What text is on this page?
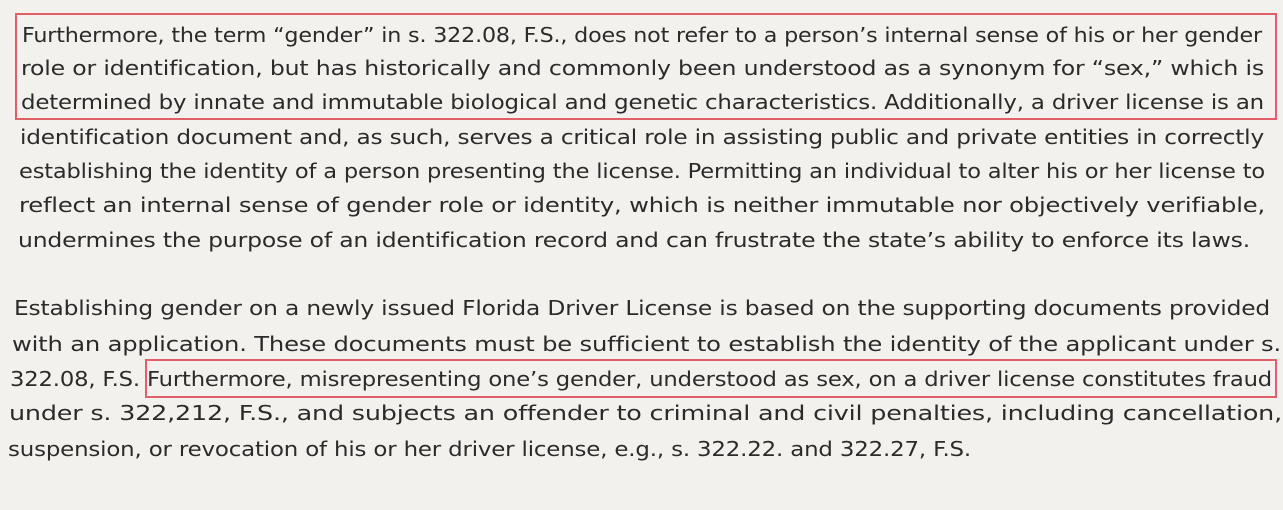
Furthermore, the term “gender” in s. 322.08, F.S., does not refer to a person’s internal sense of his or her gender
role or identification, but has historically and commonly been understood as a synonym for “sex,” which is
determined by innate and immutable biological and genetic characteristics. Additionally, a driver license is an
identification document and, as such, serves a critical role in assisting public and private entities in correctly
establishing the identity of a person presenting the license. Permitting an individual to alter his or her license to
reflect an internal sense of gender role or identity, which is neither immutable nor objectively verifiable,
undermines the purpose of an identification record and can frustrate the state’s ability to enforce its laws.
Establishing gender on a newly issued Florida Driver License is based on the supporting documents provided
with an application. These documents must be sufficient to establish the identity of the applicant under s.
322.08, F.S. Furthermore, misrepresenting one’s gender, understood as sex, on a driver license constitutes fraud
under s. 322,212, F.S., and subjects an offender to criminal and civil penalties, including cancellation,
suspension, or revocation of his or her driver license, e.g., s. 322.22. and 322.27, F.S.
